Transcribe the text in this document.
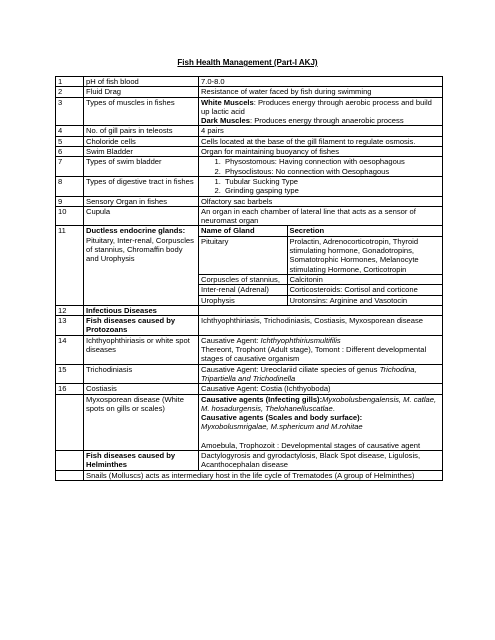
Fish Health Management (Part-I AKJ)
1	pH of fish blood	7.0-8.0
2	Fluid Drag	Resistance of water faced by fish during swimming
3	Types of muscles in fishes	White Muscels: Produces energy through aerobic process and build up lactic acid
Dark Muscles: Produces energy through anaerobic process

4	No. of gill pairs in teleosts	4 pairs
5	Choloride cells	Cells located at the base of the gill filament to regulate osmosis.
6	Swim Bladder	Organ for maintaining buoyancy of fishes
7	Types of swim bladder	
1.Physostomous: Having connection with oesophagous
2. Physoclistous: No connection with Oesophagous

8	Types of digestive tract in fishes	
1.Tubular Sucking Type
2. Grinding gasping type

9	Sensory Organ in fishes	Olfactory sac barbels
10	Cupula	An organ in each chamber of lateral line that acts as a sensor of neuromast organ
11	Ductless endocrine glands:
Pituitary, Inter-renal, Corpuscles of stannius, Chromaffin body and Urophysis

Name of Gland	Secretion
Pituitary	Prolactin, Adrenocorticotropin, Thyroid stimulating hormone, Gonadotropins, Somatotrophic Hormones, Melanocyte stimulating Hormone, Corticotropin
Corpuscles of stannius,	Calcitonin
Inter-renal (Adrenal)	Corticosteroids: Cortisol and corticone
Urophysis	Urotonsins: Arginine and Vasotocin

12	Infectious Diseases	
13	Fish diseases caused by Protozoans	Ichthyophthiriasis, Trichodiniasis, Costiasis, Myxosporean disease
14	Ichthyophthiriasis or white spot diseases	
Causative Agent: Ichthyophthiriusmultifilis
Thereont, Trophont (Adult stage), Tomont : Different developmental stages of causative organism

15	Trichodiniasis	Causative Agent: Ureoclariid ciliate species of genus Trichodina, Tripartiella and Trichodinella
16	Costiasis	Causative Agent: Costia (Ichthyoboda)
	Myxosporean disease (White spots on gills or scales)	
Causative agents (Infecting gills):Myxobolusbengalensis, M. catlae, M. hosadurgensis, Thelohanelluscatlae.
Causative agents (Scales and body surface):
Myxobolusmrigalae, M.sphericum and M.rohitae
Amoebula, Trophozoit : Developmental stages of causative agent

	Fish diseases caused by Helminthes	Dactylogyrosis and gyrodactylosis, Black Spot disease, Ligulosis, Acanthocephalan disease
	Snails (Molluscs) acts as intermediary host in the life cycle of Trematodes (A group of Helminthes)
